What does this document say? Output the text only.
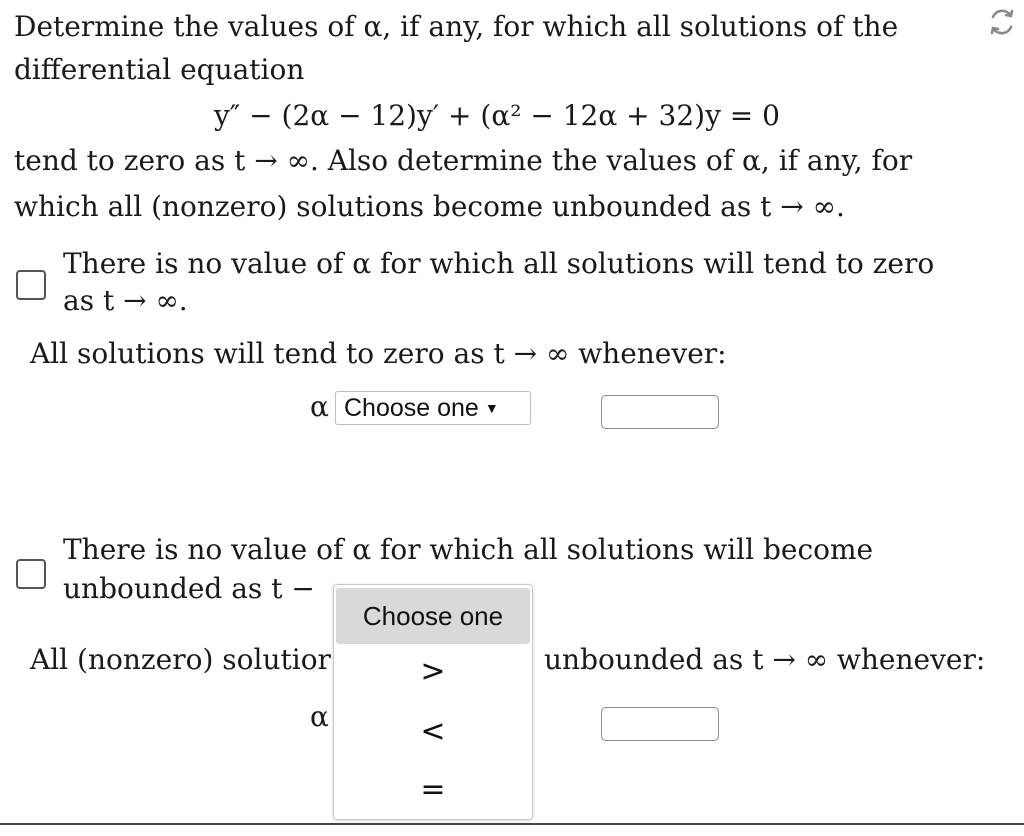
Determine the values of α, if any, for which all solutions of the
differential equation
y″ − (2α − 12)y′ + (α² − 12α + 32)y = 0
tend to zero as t → ∞. Also determine the values of α, if any, for
which all (nonzero) solutions become unbounded as t → ∞.
There is no value of α for which all solutions will tend to zero
as t → ∞.
All solutions will tend to zero as t → ∞ whenever:
α Choose one ▼
There is no value of α for which all solutions will become
unbounded as t −
All (nonzero) solutior	unbounded as t → ∞ whenever:
α
Choose one
>
<
=
